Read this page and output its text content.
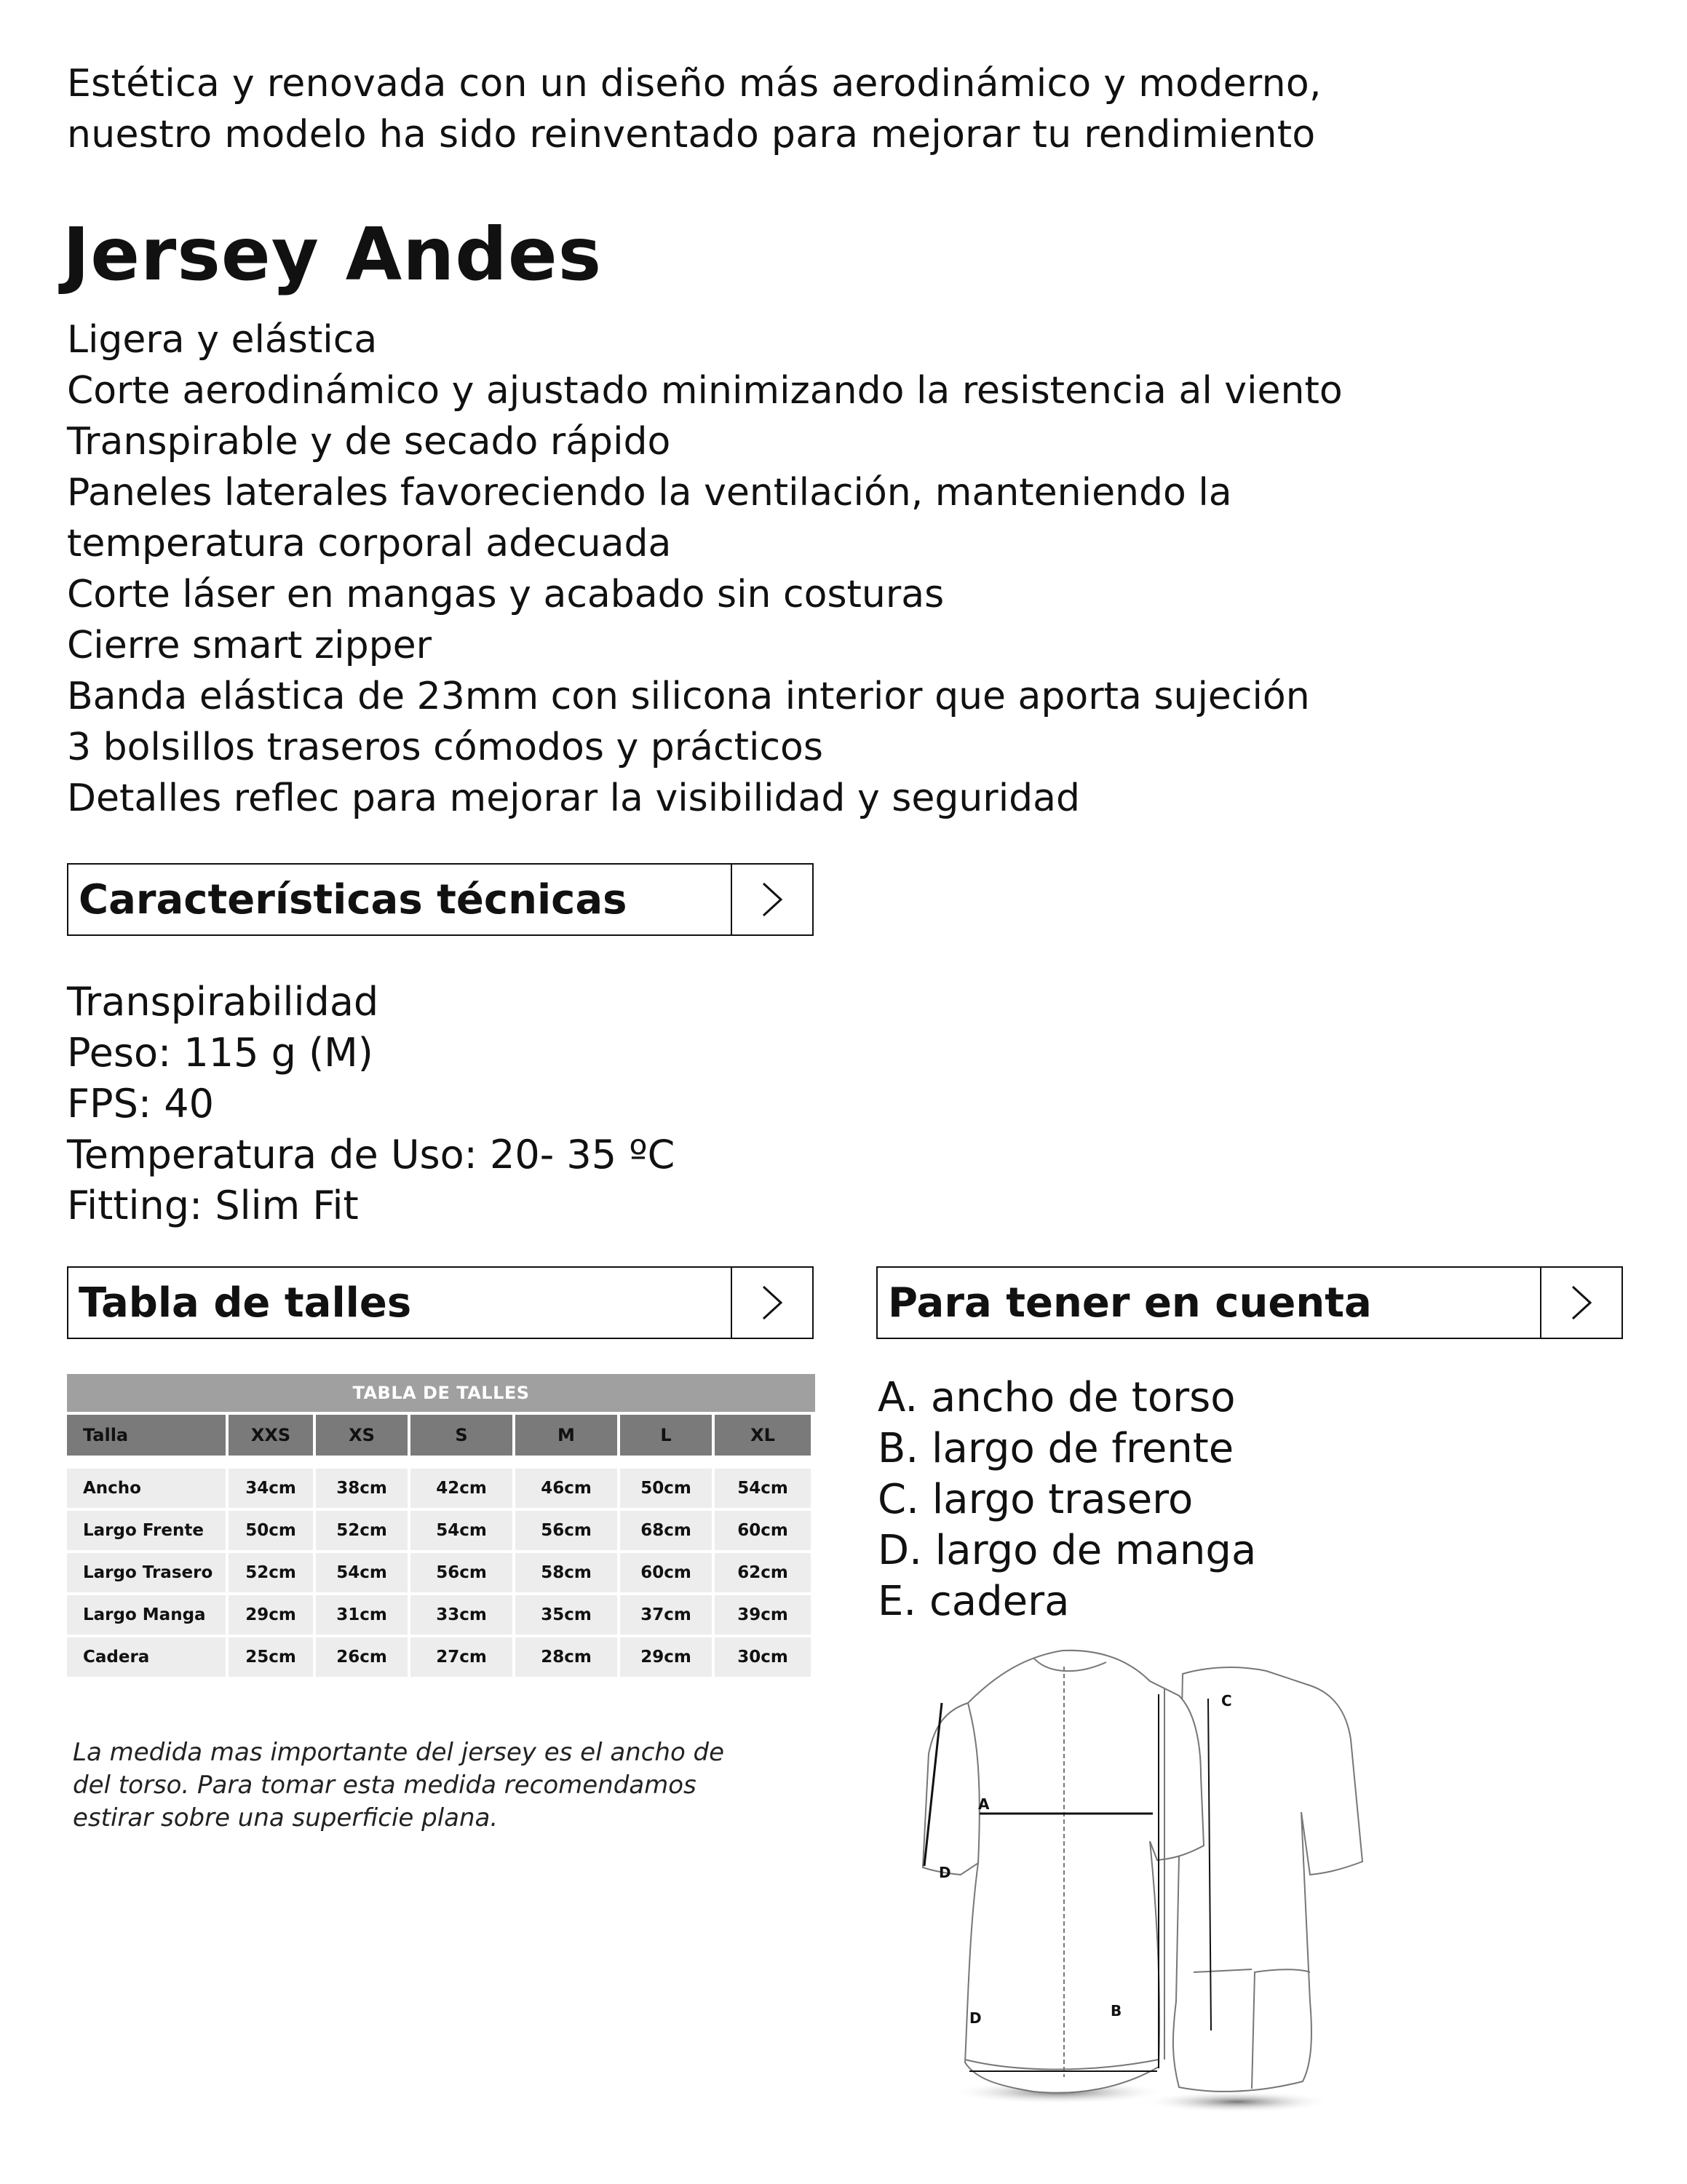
Estética y renovada con un diseño más aerodinámico y moderno,
nuestro modelo ha sido reinventado para mejorar tu rendimiento
Jersey Andes
Ligera y elástica
Corte aerodinámico y ajustado minimizando la resistencia al viento
Transpirable y de secado rápido
Paneles laterales favoreciendo la ventilación, manteniendo la
temperatura corporal adecuada
Corte láser en mangas y acabado sin costuras
Cierre smart zipper
Banda elástica de 23mm con silicona interior que aporta sujeción
3 bolsillos traseros cómodos y prácticos
Detalles reflec para mejorar la visibilidad y seguridad
Características técnicas
Transpirabilidad
Peso: 115 g (M)
FPS: 40
Temperatura de Uso: 20- 35 ºC
Fitting: Slim Fit
Tabla de talles	Para tener en cuenta
TABLA DE TALLES
Talla	XXS	XS	S	M	L	XL
Ancho	34cm	38cm	42cm	46cm	50cm	54cm
Largo Frente	50cm	52cm	54cm	56cm	68cm	60cm
Largo Trasero	52cm	54cm	56cm	58cm	60cm	62cm
Largo Manga	29cm	31cm	33cm	35cm	37cm	39cm
Cadera	25cm	26cm	27cm	28cm	29cm	30cm
La medida mas importante del jersey es el ancho de
del torso. Para tomar esta medida recomendamos
estirar sobre una superficie plana.
A. ancho de torso
B. largo de frente
C. largo trasero
D. largo de manga
E. cadera
A
B
C
D
D
